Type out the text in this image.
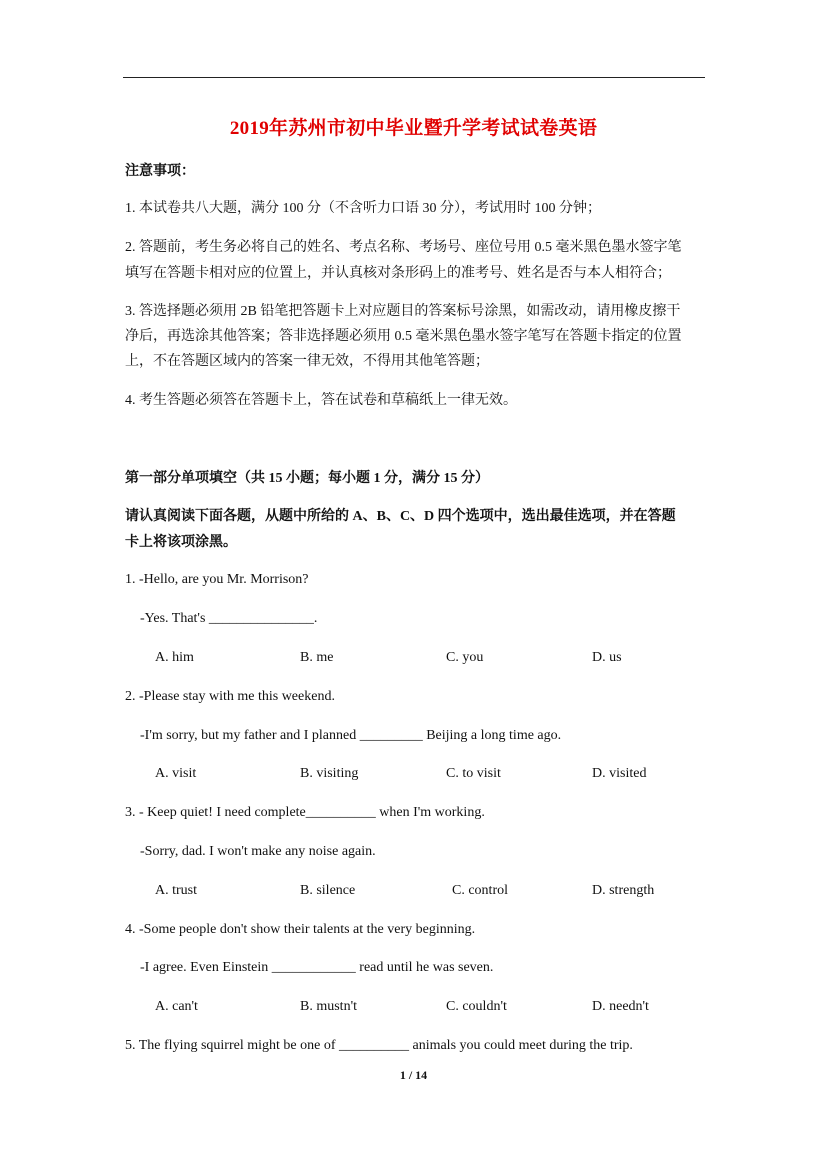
2019年苏州市初中毕业暨升学考试试卷英语
注意事项：
1. 本试卷共八大题，满分 100 分（不含听力口语 30 分），考试用时 100 分钟；
2. 答题前，考生务必将自己的姓名、考点名称、考场号、座位号用 0.5 毫米黑色墨水签字笔
填写在答题卡相对应的位置上，并认真核对条形码上的准考号、姓名是否与本人相符合；
3. 答选择题必须用 2B 铅笔把答题卡上对应题目的答案标号涂黑，如需改动，请用橡皮擦干
净后，再选涂其他答案；答非选择题必须用 0.5 毫米黑色墨水签字笔写在答题卡指定的位置
上，不在答题区域内的答案一律无效，不得用其他笔答题；
4. 考生答题必须答在答题卡上，答在试卷和草稿纸上一律无效。
第一部分单项填空（共 15 小题；每小题 1 分，满分 15 分）
请认真阅读下面各题，从题中所给的 A、B、C、D 四个选项中，选出最佳选项，并在答题
卡上将该项涂黑。
1. -Hello, are you Mr. Morrison?
-Yes. That's _______________.
A. him	B. me	C. you	D. us
2. -Please stay with me this weekend.
-I'm sorry, but my father and I planned _________ Beijing a long time ago.
A. visit	B. visiting	C. to visit	D. visited
3. - Keep quiet! I need complete__________ when I'm working.
-Sorry, dad. I won't make any noise again.
A. trust	B. silence	C. control	D. strength
4. -Some people don't show their talents at the very beginning.
-I agree. Even Einstein ____________ read until he was seven.
A. can't	B. mustn't	C. couldn't	D. needn't
5. The flying squirrel might be one of __________ animals you could meet during the trip.
1 / 14
